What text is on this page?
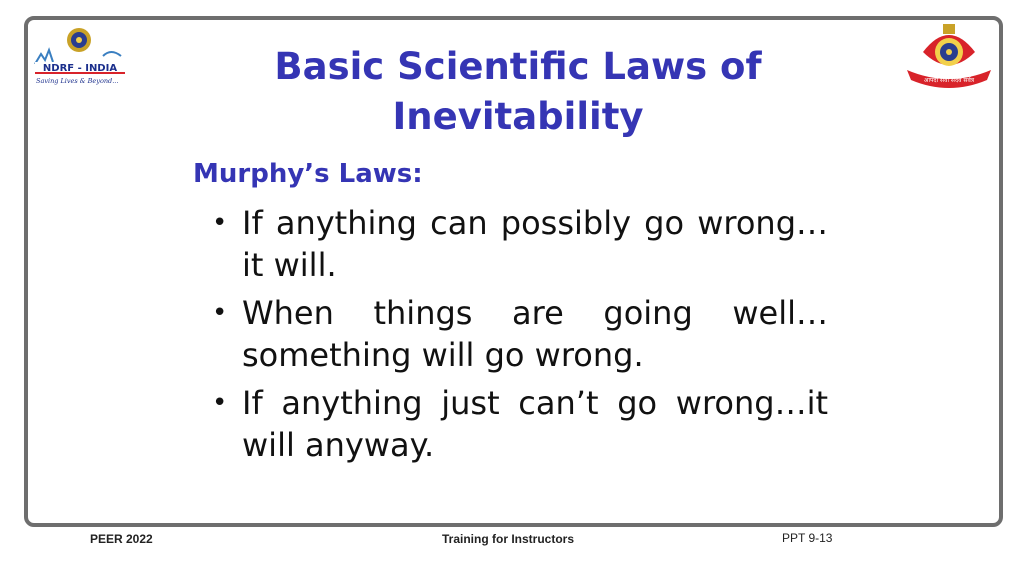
NDRF - INDIA
Saving Lives & Beyond...	आपदा सेवा सदैव सर्वत्र
Basic Scientific Laws of Inevitability
Murphy’s Laws:
• If anything can possibly go wrong…it will.
• When things are going well…something will go wrong.
• If anything just can’t go wrong…it will anyway.
PEER 2022	Training for Instructors	PPT 9-13
